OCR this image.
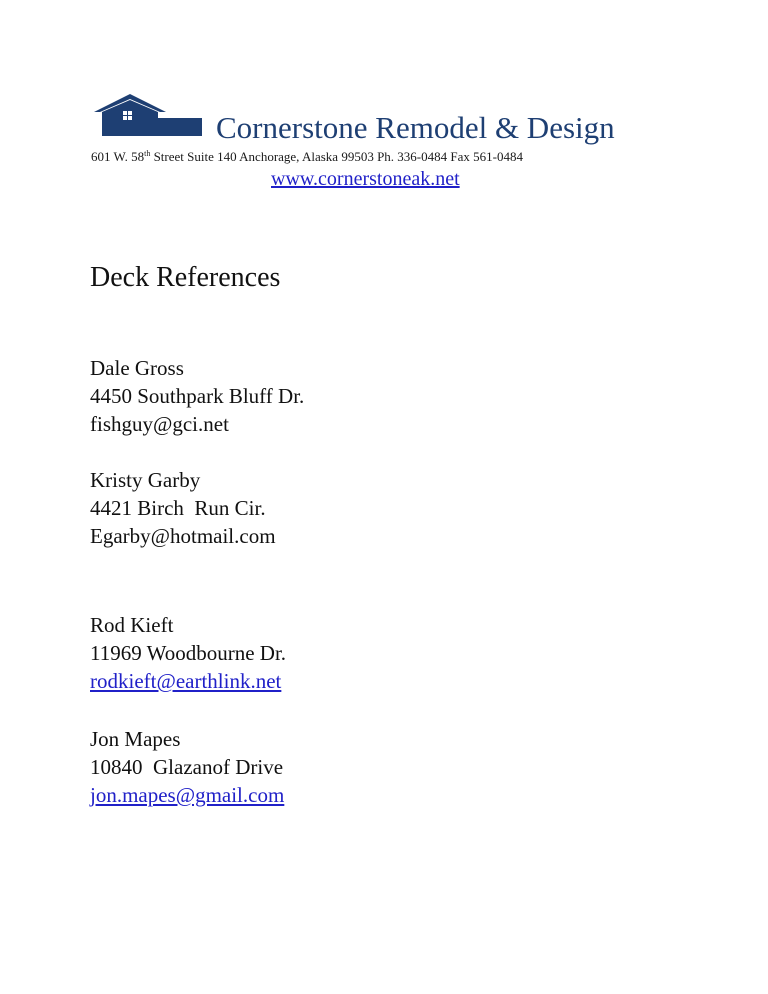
Cornerstone Remodel & Design
601 W. 58th Street Suite 140 Anchorage, Alaska 99503 Ph. 336-0484 Fax 561-0484
www.cornerstoneak.net
Deck References
Dale Gross
4450 Southpark Bluff Dr.
fishguy@gci.net
Kristy Garby
4421 Birch  Run Cir.
Egarby@hotmail.com
Rod Kieft
11969 Woodbourne Dr.
rodkieft@earthlink.net
Jon Mapes
10840  Glazanof Drive
jon.mapes@gmail.com
